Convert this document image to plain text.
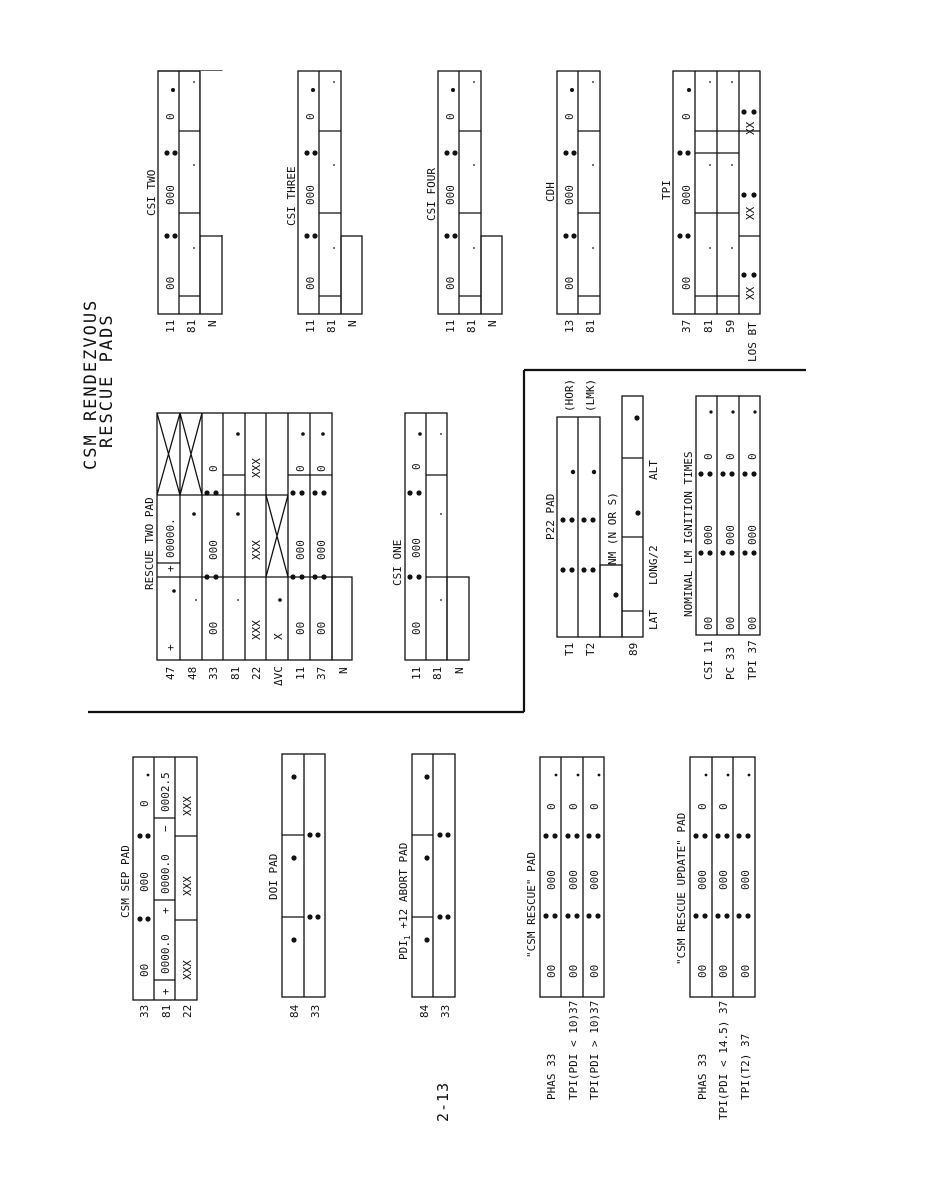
CSM RENDEZVOUS
RESCUE PADS
CSI TWO
11 81 N
00
000
0
CSI THREE
11 81 N
00
000
0
CSI FOUR
11 81 N
00
000
0
CDH
13 81
00
000
0
TPI
37 81 59 LOS BT
00
000
0
XX
XX
XX
RESCUE TWO PAD
47 48 33 81 22 ΔVC 11 37 N
+
+
00000.
00
000
0
XXX
XXX
XXX
X
00
000
0
00
000
0
CSI ONE
11 81 N
00
000
0
P22 PAD
T1 T2	89
(HOR) (LMK)
NM (N OR S)
LAT
LONG/2
ALT NOMINAL LM IGNITION TIMES
CSI 11 PC 33 TPI 37
00
000
0
00
000
0
00
000
0
CSM SEP PAD
33 81 22
00
000
0
+
0000.0
+
0000.0
−
0002.5
XXX
XXX
XXX
DOI PAD
84 33
$PDI_1 +12$ ABORT PAD
84 33
"CSM RESCUE" PAD
PHAS 33 TPI(PDI < 10)37 TPI(PDI > 10)37
00
000
0
00
000
0
00
000
0
"CSM RESCUE UPDATE" PAD
PHAS 33 TPI(PDI < 14.5) 37 TPI(T2) 37
00
000
0
00
000
0
00
000
2-13
